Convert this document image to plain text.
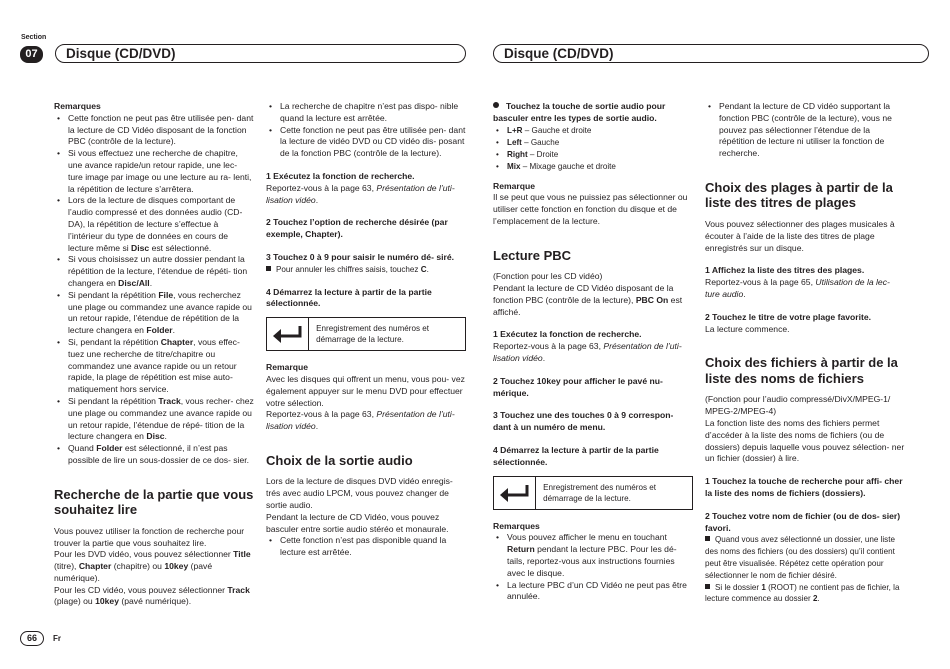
Section
07	Disque (CD/DVD)	Disque (CD/DVD)

Remarques

• Cette fonction ne peut pas être utilisée pen- dant la lecture de CD Vidéo disposant de la fonction PBC (contrôle de la lecture).
• Si vous effectuez une recherche de chapitre, une avance rapide/un retour rapide, une lec- ture image par image ou une lecture au ra- lenti, la répétition de lecture s’arrêtera.
• Lors de la lecture de disques comportant de l’audio compressé et des données audio (CD-DA), la répétition de lecture s’effectue à l’intérieur du type de données en cours de lecture même si Disc est sélectionné.
• Si vous choisissez un autre dossier pendant la répétition de la lecture, l’étendue de répéti- tion changera en Disc/All.
• Si pendant la répétition File, vous recherchez une plage ou commandez une avance rapide ou un retour rapide, l’étendue de répétition de la lecture changera en Folder.
• Si, pendant la répétition Chapter, vous effec- tuez une recherche de titre/chapitre ou commandez une avance rapide ou un retour rapide, la plage de répétition est mise auto- matiquement hors service.
• Si pendant la répétition Track, vous recher- chez une plage ou commandez une avance rapide ou un retour rapide, l’étendue de répé- tition de la lecture changera en Disc.
• Quand Folder est sélectionné, il n’est pas possible de lire un sous-dossier de ce dos- sier.

Recherche de la partie que vous souhaitez lire

Vous pouvez utiliser la fonction de recherche pour trouver la partie que vous souhaitez lire.

Pour les DVD vidéo, vous pouvez sélectionner Title (titre), Chapter (chapitre) ou 10key (pavé numérique).

Pour les CD vidéo, vous pouvez sélectionner Track (plage) ou 10key (pavé numérique).

• La recherche de chapitre n’est pas dispo- nible quand la lecture est arrêtée.
• Cette fonction ne peut pas être utilisée pen- dant la lecture de vidéo DVD ou CD vidéo dis- posant de la fonction PBC (contrôle de la lecture).

1 Exécutez la fonction de recherche.

Reportez-vous à la page 63, Présentation de l’uti- lisation vidéo.

2 Touchez l’option de recherche désirée (par exemple, Chapter).

3 Touchez 0 à 9 pour saisir le numéro dé- siré.

Pour annuler les chiffres saisis, touchez C.

4 Démarrez la lecture à partir de la partie sélectionnée.

Enregistrement des numéros et démarrage de la lecture.

Remarque

Avec les disques qui offrent un menu, vous pou- vez également appuyer sur le menu DVD pour effectuer votre sélection.

Reportez-vous à la page 63, Présentation de l’uti- lisation vidéo.

Choix de la sortie audio

Lors de la lecture de disques DVD vidéo enregis- trés avec audio LPCM, vous pouvez changer de sortie audio.

Pendant la lecture de CD Vidéo, vous pouvez basculer entre sortie audio stéréo et monaurale.

• Cette fonction n’est pas disponible quand la lecture est arrêtée.

Touchez la touche de sortie audio pour basculer entre les types de sortie audio.

• L+R – Gauche et droite
• Left – Gauche
• Right – Droite
• Mix – Mixage gauche et droite

Remarque

Il se peut que vous ne puissiez pas sélectionner ou utiliser cette fonction en fonction du disque et de l’emplacement de la lecture.

Lecture PBC

(Fonction pour les CD vidéo)

Pendant la lecture de CD Vidéo disposant de la fonction PBC (contrôle de la lecture), PBC On est affiché.

1 Exécutez la fonction de recherche.

Reportez-vous à la page 63, Présentation de l’uti- lisation vidéo.

2 Touchez 10key pour afficher le pavé nu- mérique.

3 Touchez une des touches 0 à 9 correspon- dant à un numéro de menu.

4 Démarrez la lecture à partir de la partie sélectionnée.

Enregistrement des numéros et démarrage de la lecture.

Remarques

• Vous pouvez afficher le menu en touchant Return pendant la lecture PBC. Pour les dé- tails, reportez-vous aux instructions fournies avec le disque.
• La lecture PBC d’un CD Vidéo ne peut pas être annulée.
• Pendant la lecture de CD vidéo supportant la fonction PBC (contrôle de la lecture), vous ne pouvez pas sélectionner l’étendue de la répétition de lecture ni utiliser la fonction de recherche.

Choix des plages à partir de la liste des titres de plages

Vous pouvez sélectionner des plages musicales à écouter à l’aide de la liste des titres de plage enregistrés sur un disque.

1 Affichez la liste des titres des plages.

Reportez-vous à la page 65, Utilisation de la lec- ture audio.

2 Touchez le titre de votre plage favorite.

La lecture commence.

Choix des fichiers à partir de la liste des noms de fichiers

(Fonction pour l’audio compressé/DivX/MPEG-1/ MPEG-2/MPEG-4)

La fonction liste des noms des fichiers permet d’accéder à la liste des noms de fichiers (ou de dossiers) depuis laquelle vous pouvez sélection- ner un fichier (dossier) à lire.

1 Touchez la touche de recherche pour affi- cher la liste des noms de fichiers (dossiers).

2 Touchez votre nom de fichier (ou de dos- sier) favori.

Quand vous avez sélectionné un dossier, une liste des noms des fichiers (ou des dossiers) qu’il contient peut être visualisée. Répétez cette opération pour sélectionner le nom de fichier désiré.

Si le dossier 1 (ROOT) ne contient pas de fichier, la lecture commence au dossier 2.

66	Fr
